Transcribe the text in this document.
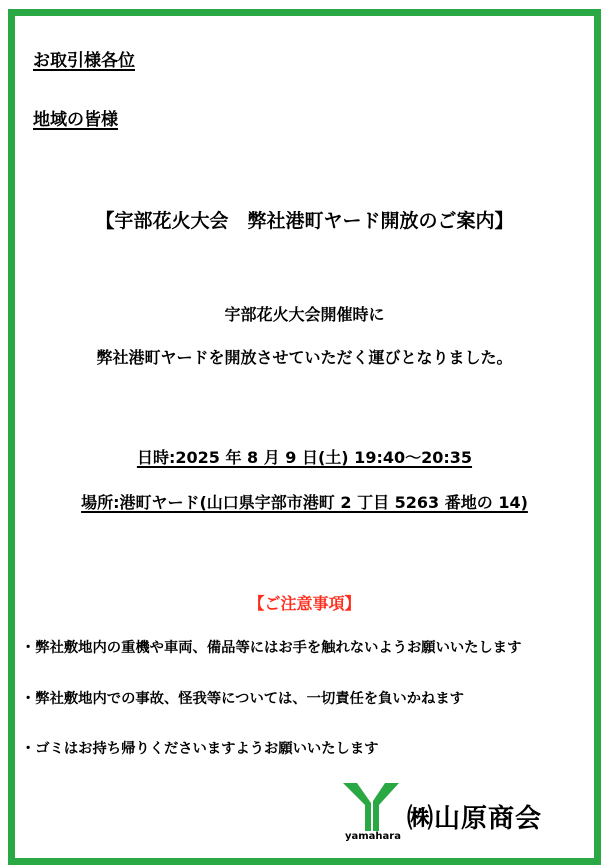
お取引様各位
地域の皆様
【宇部花火大会　弊社港町ヤード開放のご案内】
宇部花火大会開催時に
弊社港町ヤードを開放させていただく運びとなりました。
日時:2025 年 8 月 9 日(土) 19:40～20:35
場所:港町ヤード(山口県宇部市港町 2 丁目 5263 番地の 14)
【ご注意事項】
・弊社敷地内の重機や車両、備品等にはお手を触れないようお願いいたします
・弊社敷地内での事故、怪我等については、一切責任を負いかねます
・ゴミはお持ち帰りくださいますようお願いいたします
yamahara
㈱山原商会
